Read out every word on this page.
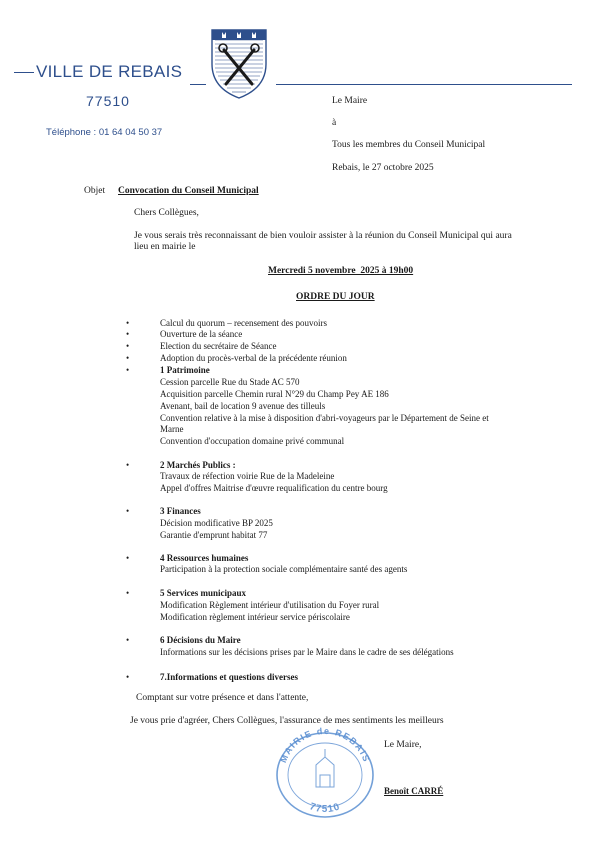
VILLE DE REBAIS
77510
Téléphone : 01 64 04 50 37
Le Maire
à
Tous les membres du Conseil Municipal
Rebais, le 27 octobre 2025
Objet Convocation du Conseil Municipal
Chers Collègues,
Je vous serais très reconnaissant de bien vouloir assister à la réunion du Conseil Municipal qui aura
lieu en mairie le
Mercredi 5 novembre  2025 à 19h00
ORDRE DU JOUR
•	Calcul du quorum – recensement des pouvoirs
•	Ouverture de la séance
•	Election du secrétaire de Séance
•	Adoption du procès-verbal de la précédente réunion
•	1 Patrimoine
Cession parcelle Rue du Stade AC 570
Acquisition parcelle Chemin rural N°29 du Champ Pey AE 186
Avenant, bail de location 9 avenue des tilleuls
Convention relative à la mise à disposition d'abri-voyageurs par le Département de Seine et
Marne
Convention d'occupation domaine privé communal
•	2 Marchés Publics :
Travaux de réfection voirie Rue de la Madeleine
Appel d'offres Maitrise d'œuvre requalification du centre bourg
•	3 Finances
Décision modificative BP 2025
Garantie d'emprunt habitat 77
•	4 Ressources humaines
Participation à la protection sociale complémentaire santé des agents
•	5 Services municipaux
Modification Règlement intérieur d'utilisation du Foyer rural
Modification règlement intérieur service périscolaire
•	6 Décisions du Maire
Informations sur les décisions prises par le Maire dans le cadre de ses délégations
•	7.Informations et questions diverses
Comptant sur votre présence et dans l'attente,
Je vous prie d'agréer, Chers Collègues, l'assurance de mes sentiments les meilleurs
Le Maire,
MAIRIE de REBAIS
77510
Benoît CARRÉ
